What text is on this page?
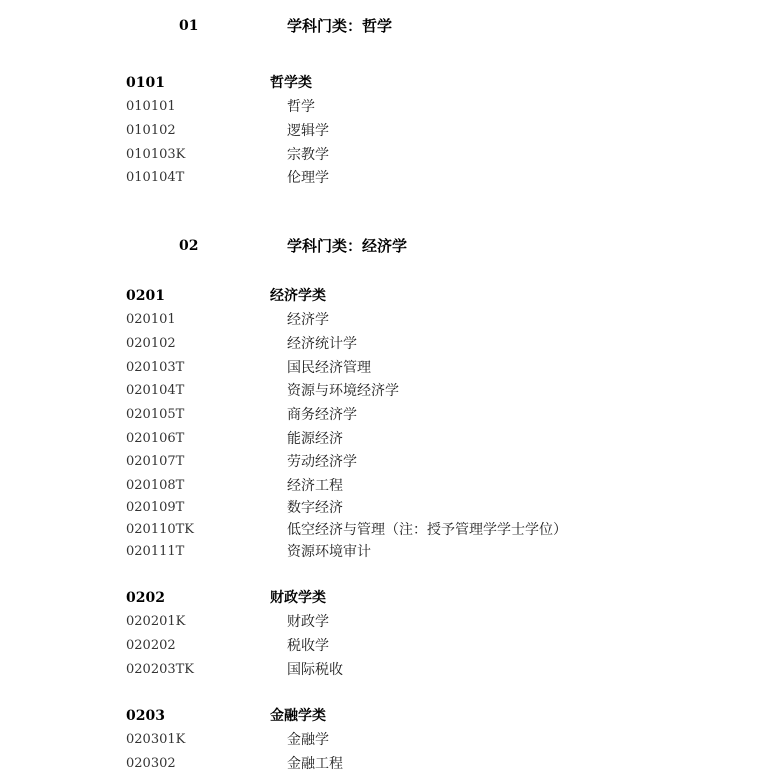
01	学科门类：哲学
0101	哲学类
010101	哲学
010102	逻辑学
010103K	宗教学
010104T	伦理学
02	学科门类：经济学
0201	经济学类
020101	经济学
020102	经济统计学
020103T	国民经济管理
020104T	资源与环境经济学
020105T	商务经济学
020106T	能源经济
020107T	劳动经济学
020108T	经济工程
020109T	数字经济
020110TK	低空经济与管理（注：授予管理学学士学位）
020111T	资源环境审计
0202	财政学类
020201K	财政学
020202	税收学
020203TK	国际税收
0203	金融学类
020301K	金融学
020302	金融工程
